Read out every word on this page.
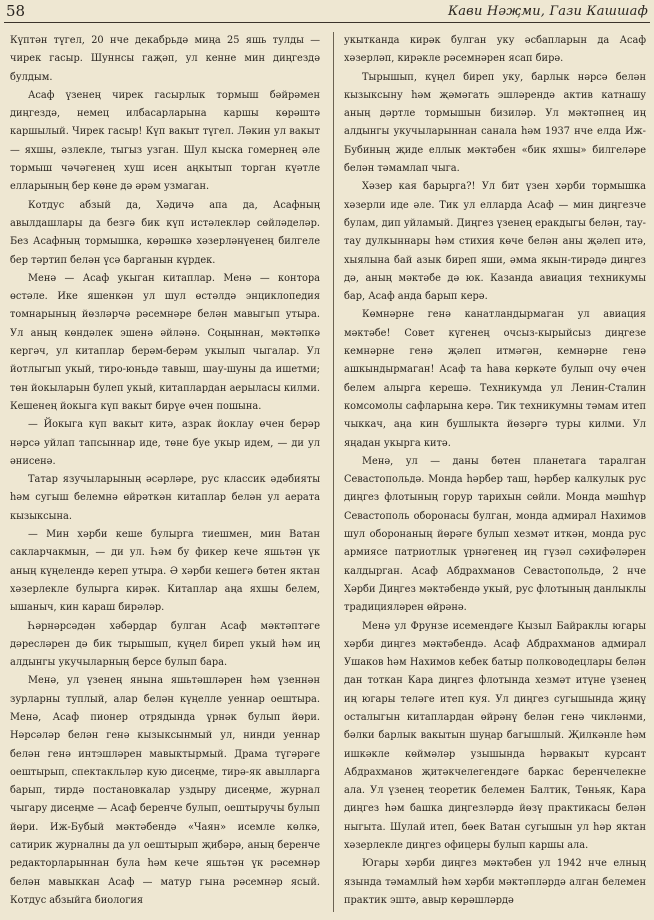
58	Кави Нәҗми, Гази Кашшаф

Күптән түгел, 20 нче декабрьдә миңа 25 яшь тулды — чирек гасыр. Шуннсы гаҗәп, ул кенне мин диңгездә булдым.

Асаф үзенең чирек гасырлык тормыш бәйрәмен диңгездә, немец илбасарларына каршы көрәштә каршылый. Чирек гасыр! Күп вакыт түгел. Ләкин ул вакыт — яхшы, әзлекле, тыгыз узган. Шул кыска гомернең әле тормыш чәчәгенең хуш исен аңкытып торган күәтле елларының бер көне дә әрәм узмаган.

Котдус абзый да, Хәдичә апа да, Асафның авылдашлары да безгә бик күп истәлекләр сөйләделәр. Без Асафның тормышка, көрәшкә хәзерләнүенең билгеле бер тәртип белән үсә барганын күрдек.

Менә — Асаф укыган китаплар. Менә — контора өстәле. Икe яшенкән ул шул өстәлдә энциклопедия томнарының йөзләрчә рәсемнәре белән мавыгып утыра. Ул аның көндәлек эшенә әйләнә. Соңыннан, мәктәпкә кергәч, ул китаплар берәм-берәм укылып чыгалар. Ул йотлыгып укый, тиро-юньдә тавыш, шау-шуны да ишетми; төн йокыларын булеп укый, китаплардан аерыласы килми. Кешенең йокыга күп вакыт бирүе өчен пошына.

— Йокыга күп вакыт китә, азрак йоклау өчен берәр нәрсә уйлап тапсыннар иде, төне буе укыр идем, — ди ул әнисенә.

Татар язучыларының әсәрләре, рус классик әдәбияты һәм сугыш белемнә өйрәткән китаплар белән ул аерата кызыксына.

— Мин хәрби кеше булырга тиешмен, мин Ватан сакларчакмын, — ди ул. Һәм бу фикер кече яшьтән үк аның күңелендә кереп утыра. Ә хәрби кешегә бөтен яктан хәзерлекле булырга кирәк. Китаплар аңа яхшы белем, ышаныч, кин караш бирәләр.

Һәрнәрсәдән хәбәрдар булган Асаф мәктәптәге дәресләрен дә бик тырышып, күңел биреп укый һәм иң алдынгы укучыларның берсе булып бара.

Менә, ул үзенең янына яшьтәшләрен һәм үзеннән зурларны туплый, алар белән күңелле уеннар оештыра. Менә, Асаф пионер отрядында үрнәк булып йөри. Нәрсәләр белән генә кызыксынмый ул, нинди уеннар белән генә интэшләрен мавыктырмый. Драма түгәрәге оештырып, спектакльләр кую дисеңме, тирә-як авылларга барып, тирдә постановкалар уздыру дисеңме, журнал чыгару дисеңме — Асаф беренче булып, оештыручы булып йөри. Иж-Бубый мәктәбендә «Чаян» исемле көлкә, сатирик журналны да ул оештырып җибәрә, аның беренче редакторларыннан була һәм кече яшьтән үк рәсемнәр белән мавыккан Асаф — матур гына рәсемнәр ясый. Котдус абзыйга биология

укытканда кирәк булган уку әсбапларын да Асаф хәзерләп, кирәкле рәсемнәрен ясап бирә.

Тырышып, күңел биреп уку, барлык нәрсә белән кызыксыну һәм җәмәгать эшләрендә актив катнашу аның дәртле тормышын бизиләр. Ул мәктәпнең иң алдынгы укучыларыннан санала һәм 1937 нче елда Иж-Бубиның җиде еллык мәктәбен «бик яхшы» билгеләре белән тәмамлап чыга.

Хәзер кая барырга?! Ул бит үзен хәрби тормышка хәзерли иде әле. Тик ул елларда Асаф — мин диңгезче булам, дип уйламый. Диңгез үзенең еракдыгы белән, тау-тау дулкыннары һәм стихия көче белән аны җәлеп итә, хыялына бай азык биреп яши, әмма якын-тирәдә диңгез дә, аның мәктәбе дә юк. Казанда авиация техникумы бар, Асаф анда барып керә.

Көмнәрне генә канатландырмаган ул авиация мәктәбе! Совет күгенең очсыз-кырыйсыз диңгезе кемнәрне генә җәлеп итмәгән, кемнәрне генә ашкындырмаган! Асаф та һава көркәте булып очу өчен белем алырга керешә. Техникумда ул Ленин-Сталин комсомолы сафларына керә. Тик техникумны тәмам итеп чыккач, аңа кин бушлыкта йөзәргә туры килми. Ул яңадан укырга китә.

Менә, ул — даны бөтен планетага таралган Севастопольдә. Монда һәрбер таш, һәрбер калкулык рус диңгез флотының горур тарихын сөйли. Монда мәшһүр Севастополь оборонасы булган, монда адмирал Нахимов шул оборонаның йөрәге булып хезмәт иткән, монда рус армиясе патриотлык үрнәгенең иң гүзәл сәхифәләрен калдырган. Асаф Абдрахманов Севастопольдә, 2 нче Хәрби Диңгез мәктәбендә укый, рус флотының данлыклы традицияләрен өйрәнә.

Менә ул Фрунзе исемендәге Кызыл Байраклы югары хәрби диңгез мәктәбендә. Асаф Абдрахманов адмирал Ушаков һәм Нахимов кебек батыр полководецлары белән дан тоткан Кара диңгез флотында хезмәт итүне үзенең иң югары теләге итеп куя. Ул диңгез сугышында җиңү осталыгын китаплардан өйрәнү белән генә чикләнми, бәлки барлык вакытын шуңар багышлый. Җилкәнле һәм ишкәкле көймәләр узышында һәрвакыт курсант Абдрахманов җитәкчелегендәге баркас беренчелекне ала. Ул үзенең теоретик белемен Балтик, Төньяк, Кара диңгез һәм башка диңгезләрдә йөзү практикасы белән ныгыта. Шулай итеп, бөек Ватан сугышын ул һәр яктан хәзерлекле диңгез офицеры булып каршы ала.

Югары хәрби диңгез мәктәбен ул 1942 нче елның язында тәмамлый һәм хәрби мәктәпләрдә алган белемен практик эштә, авыр көрәшләрдә
